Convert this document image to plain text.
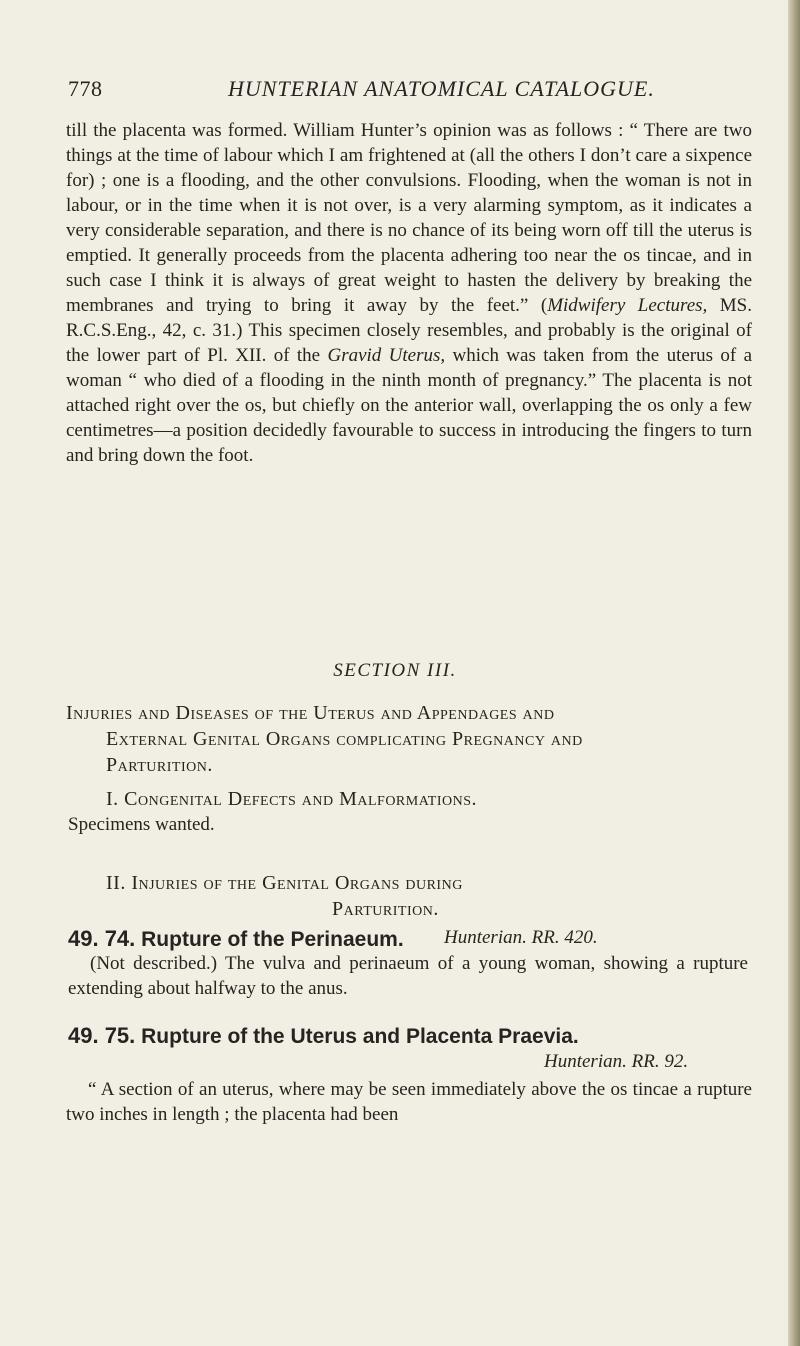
778	HUNTERIAN ANATOMICAL CATALOGUE.
till the placenta was formed. William Hunter’s opinion was as follows : “ There are two things at the time of labour which I am frightened at (all the others I don’t care a sixpence for) ; one is a flooding, and the other convulsions. Flooding, when the woman is not in labour, or in the time when it is not over, is a very alarming symptom, as it indicates a very considerable separation, and there is no chance of its being worn off till the uterus is emptied. It generally proceeds from the placenta adhering too near the os tincae, and in such case I think it is always of great weight to hasten the delivery by breaking the membranes and trying to bring it away by the feet.” (Midwifery Lectures, MS. R.C.S.Eng., 42, c. 31.) This specimen closely resembles, and probably is the original of the lower part of Pl. XII. of the Gravid Uterus, which was taken from the uterus of a woman “ who died of a flooding in the ninth month of pregnancy.” The placenta is not attached right over the os, but chiefly on the anterior wall, overlapping the os only a few centimetres—a position decidedly favourable to success in introducing the fingers to turn and bring down the foot.
SECTION III.
Injuries and Diseases of the Uterus and Appendages and
External Genital Organs complicating Pregnancy and
Parturition.
I. Congenital Defects and Malformations.
Specimens wanted.
II. Injuries of the Genital Organs during
Parturition.
49. 74. Rupture of the Perinaeum. Hunterian. RR. 420.
(Not described.) The vulva and perinaeum of a young woman, showing a rupture extending about halfway to the anus.
49. 75. Rupture of the Uterus and Placenta Praevia.
Hunterian. RR. 92.
“ A section of an uterus, where may be seen immediately above the os tincae a rupture two inches in length ; the placenta had been
